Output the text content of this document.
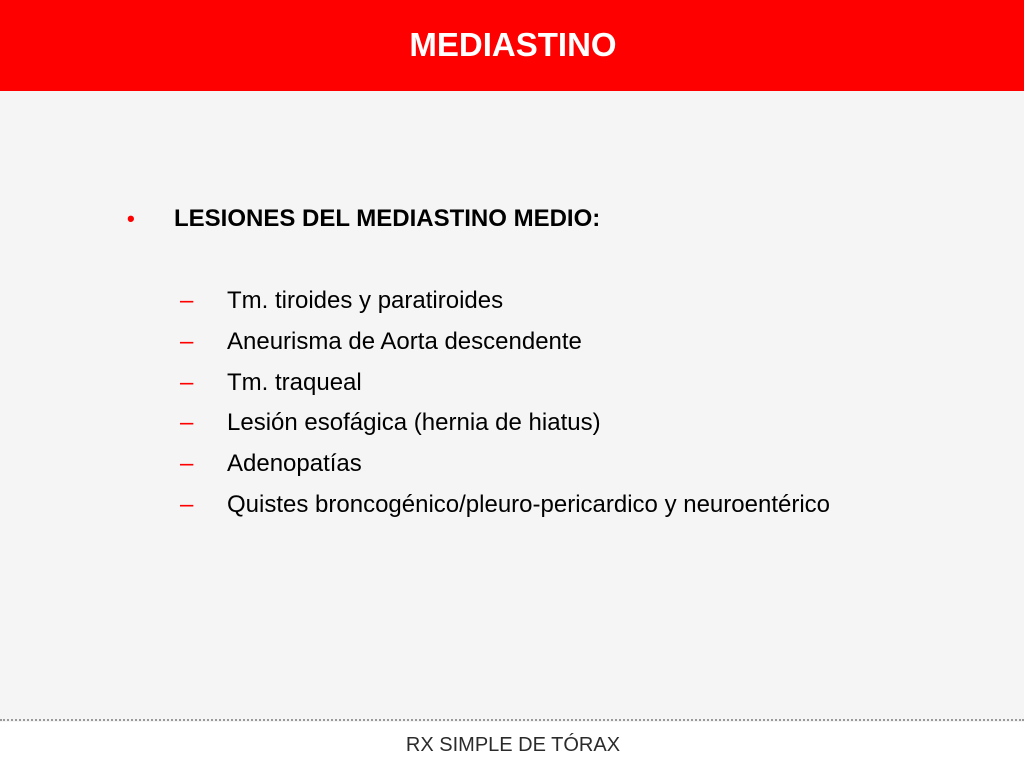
MEDIASTINO
•	LESIONES DEL MEDIASTINO MEDIO:
–	Tm. tiroides y paratiroides
–	Aneurisma de Aorta descendente
–	Tm. traqueal
–	Lesión esofágica (hernia de hiatus)
–	Adenopatías
–	Quistes broncogénico/pleuro-pericardico y neuroentérico
RX SIMPLE DE TÓRAX
